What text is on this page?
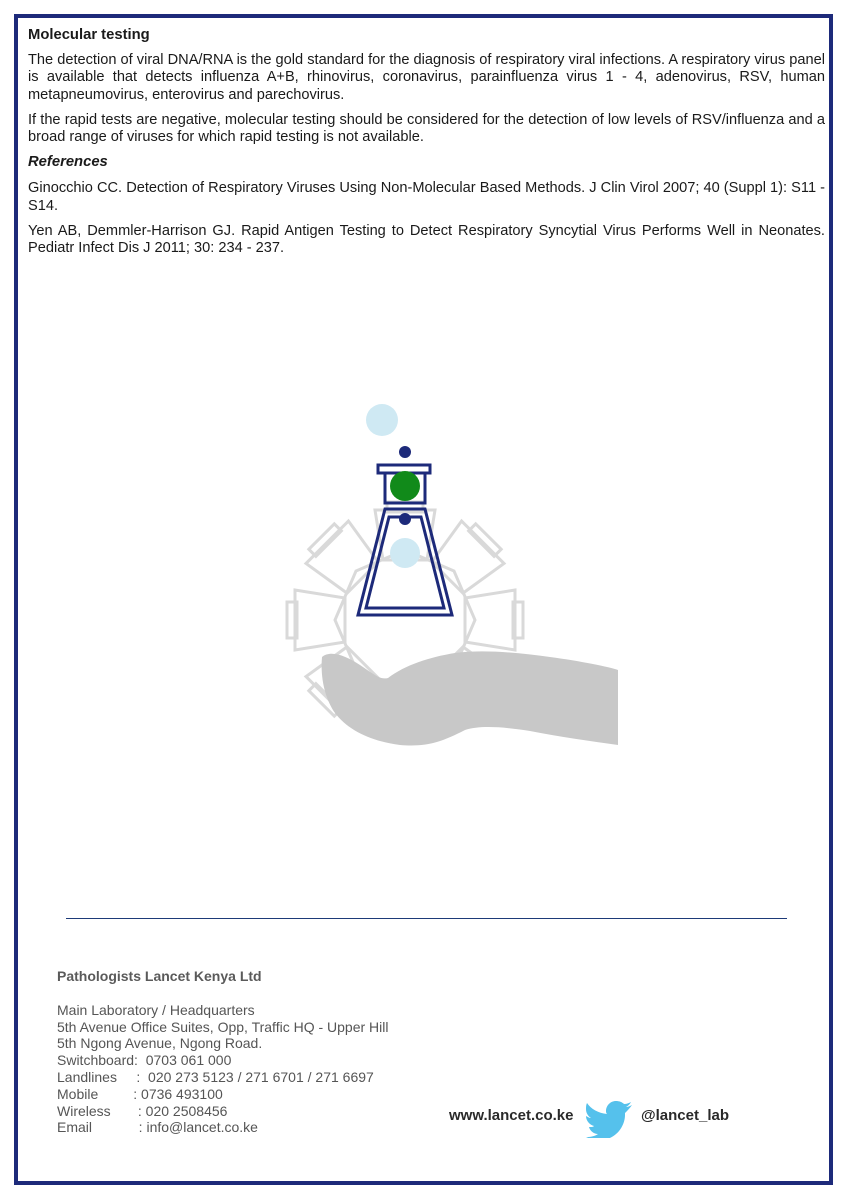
Molecular testing

The detection of viral DNA/RNA is the gold standard for the diagnosis of respiratory viral infections. A respiratory virus panel is available that detects influenza A+B, rhinovirus, coronavirus, parainfluenza virus 1 - 4, adenovirus, RSV, human metapneumovirus, enterovirus and parechovirus.

If the rapid tests are negative, molecular testing should be considered for the detection of low levels of RSV/influenza and a broad range of viruses for which rapid testing is not available.

References

Ginocchio CC. Detection of Respiratory Viruses Using Non-Molecular Based Methods. J Clin Virol 2007; 40 (Suppl 1): S11 - S14.

Yen AB, Demmler-Harrison GJ. Rapid Antigen Testing to Detect Respiratory Syncytial Virus Performs Well in Neonates. Pediatr Infect Dis J 2011; 30: 234 - 237.

Pathologists Lancet Kenya Ltd
Main Laboratory / Headquarters
5th Avenue Office Suites, Opp, Traffic HQ - Upper Hill
5th Ngong Avenue, Ngong Road.
Switchboard:  0703 061 000
Landlines     :  020 273 5123 / 271 6701 / 271 6697
Mobile         : 0736 493100
Wireless       : 020 2508456
Email            : info@lancet.co.ke
www.lancet.co.ke	@lancet_lab
